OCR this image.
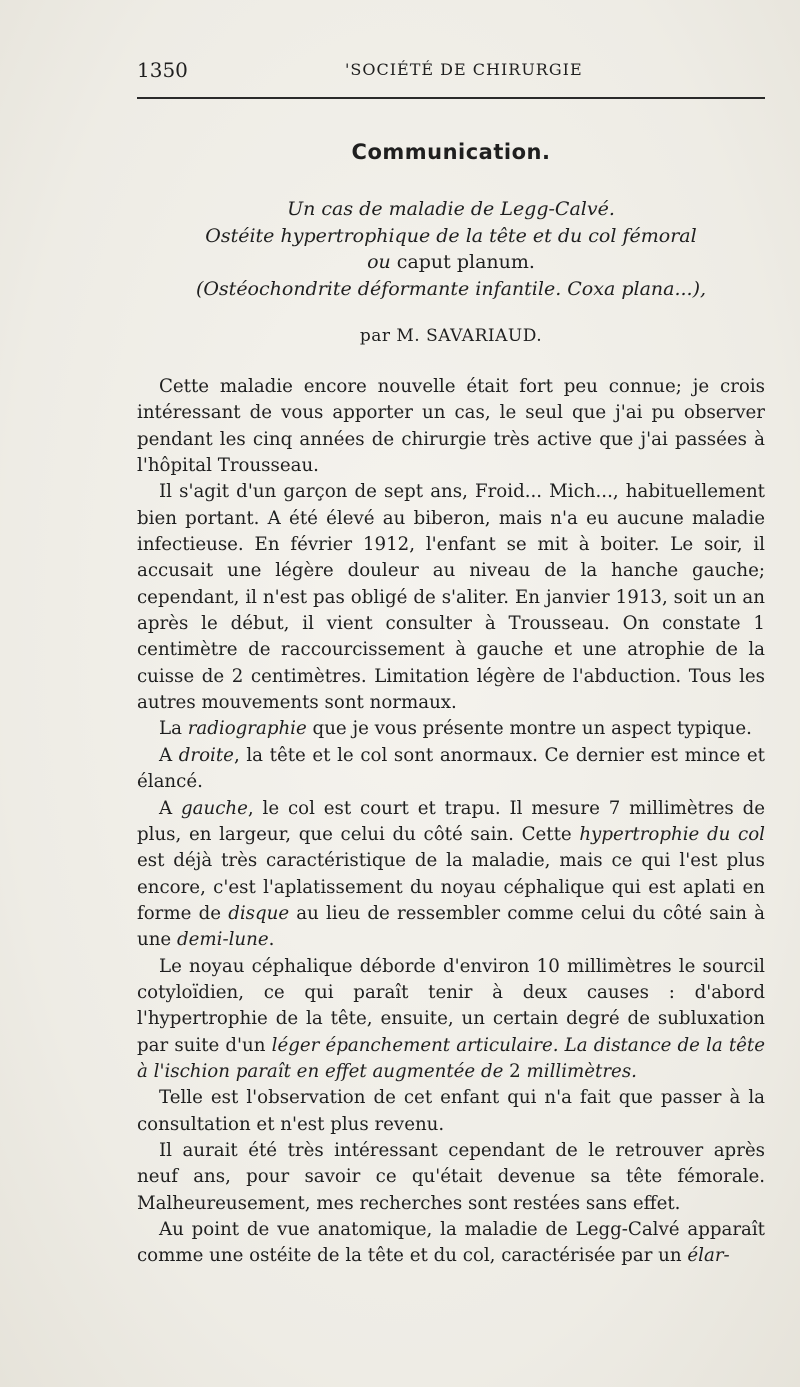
1350	'SOCIÉTÉ DE CHIRURGIE
Communication.
Un cas de maladie de Legg-Calvé.
Ostéite hypertrophique de la tête et du col fémoral
ou caput planum.
(Ostéochondrite déformante infantile. Coxa plana...),
par M. SAVARIAUD.

Cette maladie encore nouvelle était fort peu connue; je crois intéressant de vous apporter un cas, le seul que j'ai pu observer pendant les cinq années de chirurgie très active que j'ai passées à l'hôpital Trousseau.

Il s'agit d'un garçon de sept ans, Froid... Mich..., habituellement bien portant. A été élevé au biberon, mais n'a eu aucune maladie infectieuse. En février 1912, l'enfant se mit à boiter. Le soir, il accusait une légère douleur au niveau de la hanche gauche; cependant, il n'est pas obligé de s'aliter. En janvier 1913, soit un an après le début, il vient consulter à Trousseau. On constate 1 centimètre de raccourcissement à gauche et une atrophie de la cuisse de 2 centimètres. Limitation légère de l'abduction. Tous les autres mouvements sont normaux.

La radiographie que je vous présente montre un aspect typique.

A droite, la tête et le col sont anormaux. Ce dernier est mince et élancé.

A gauche, le col est court et trapu. Il mesure 7 millimètres de plus, en largeur, que celui du côté sain. Cette hypertrophie du col est déjà très caractéristique de la maladie, mais ce qui l'est plus encore, c'est l'aplatissement du noyau céphalique qui est aplati en forme de disque au lieu de ressembler comme celui du côté sain à une demi-lune.

Le noyau céphalique déborde d'environ 10 millimètres le sourcil cotyloïdien, ce qui paraît tenir à deux causes : d'abord l'hypertrophie de la tête, ensuite, un certain degré de subluxation par suite d'un léger épanchement articulaire. La distance de la tête à l'ischion paraît en effet augmentée de 2 millimètres.

Telle est l'observation de cet enfant qui n'a fait que passer à la consultation et n'est plus revenu.

Il aurait été très intéressant cependant de le retrouver après neuf ans, pour savoir ce qu'était devenue sa tête fémorale. Malheureusement, mes recherches sont restées sans effet.

Au point de vue anatomique, la maladie de Legg-Calvé apparaît comme une ostéite de la tête et du col, caractérisée par un élar-
